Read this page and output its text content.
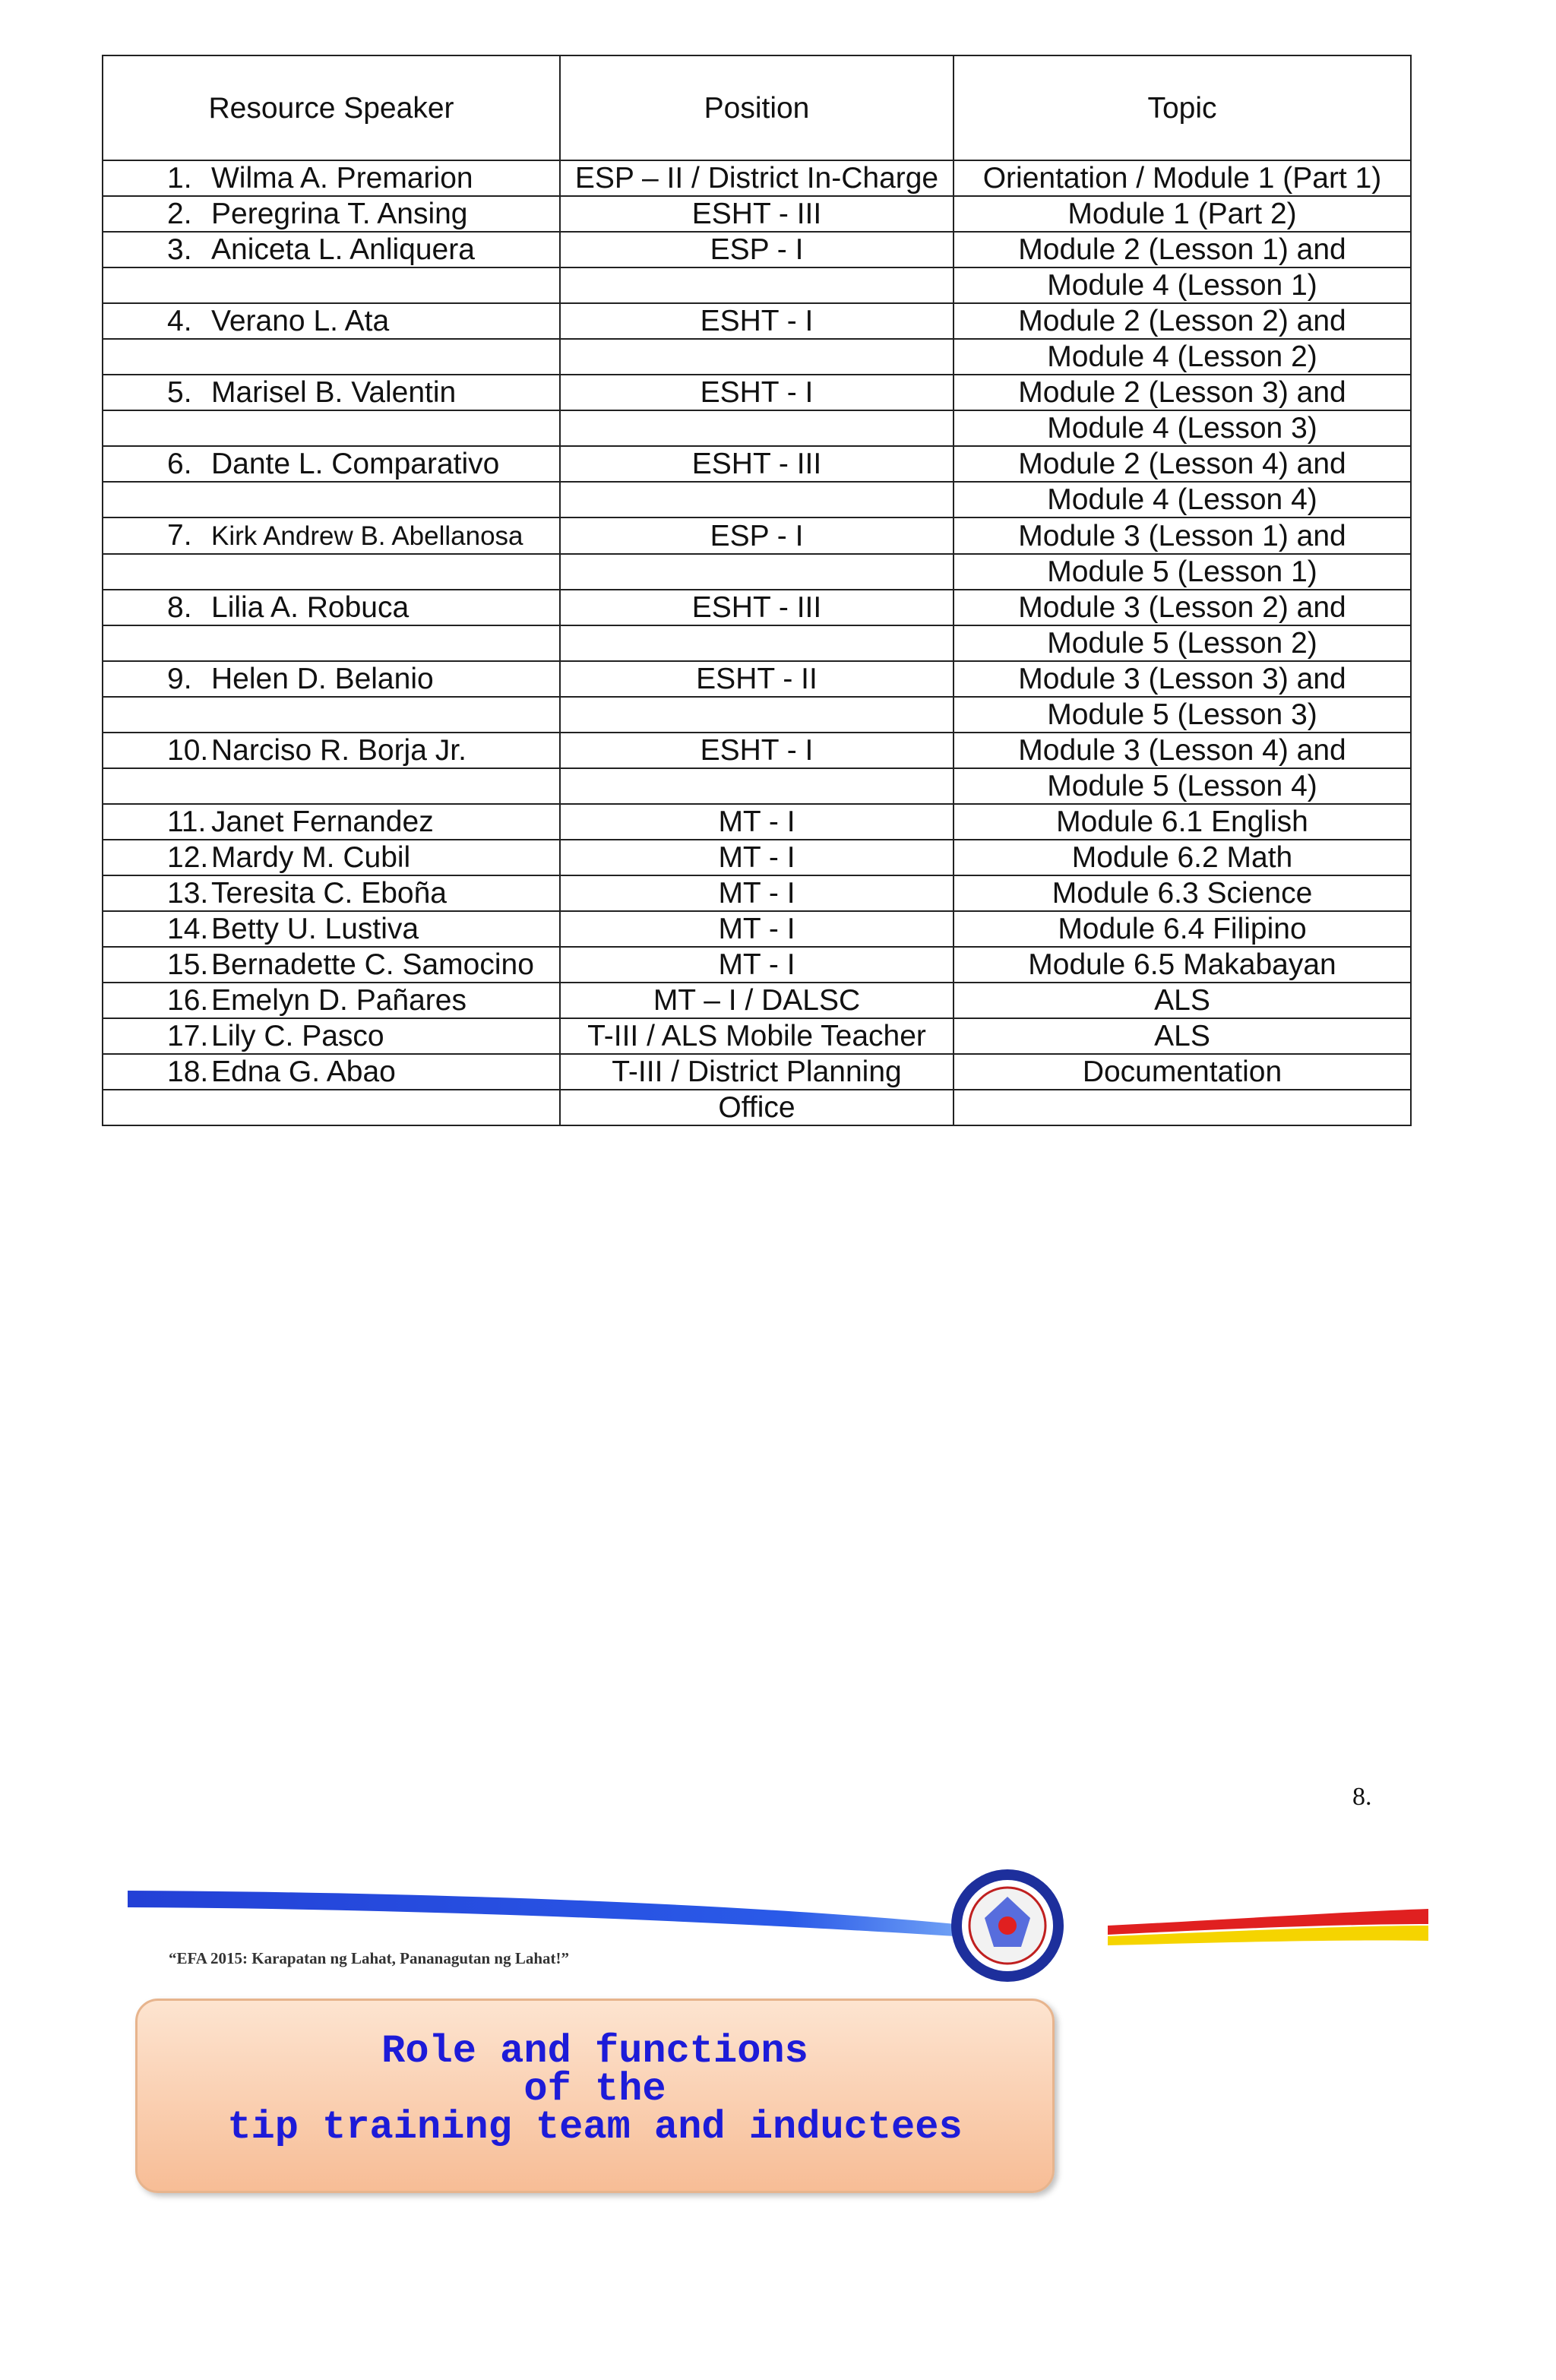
Resource Speaker	Position	Topic
1. Wilma A. Premarion	ESP – II / District In-Charge	Orientation / Module 1 (Part 1)
2. Peregrina T. Ansing	ESHT - III	Module 1 (Part 2)
3. Aniceta L. Anliquera	ESP - I	Module 2 (Lesson 1) and
		Module 4 (Lesson 1)
4. Verano L. Ata	ESHT - I	Module 2 (Lesson 2) and
		Module 4 (Lesson 2)
5. Marisel B. Valentin	ESHT - I	Module 2 (Lesson 3) and
		Module 4 (Lesson 3)
6. Dante L. Comparativo	ESHT - III	Module 2 (Lesson 4) and
		Module 4 (Lesson 4)
7. Kirk Andrew B. Abellanosa	ESP - I	Module 3 (Lesson 1) and
		Module 5 (Lesson 1)
8. Lilia A. Robuca	ESHT - III	Module 3 (Lesson 2) and
		Module 5 (Lesson 2)
9. Helen D. Belanio	ESHT - II	Module 3 (Lesson 3) and
		Module 5 (Lesson 3)
10.Narciso R. Borja Jr.	ESHT - I	Module 3 (Lesson 4) and
		Module 5 (Lesson 4)
11. Janet Fernandez	MT - I	Module 6.1 English
12.Mardy M. Cubil	MT - I	Module 6.2 Math
13.Teresita C. Eboña	MT - I	Module 6.3 Science
14.Betty U. Lustiva	MT - I	Module 6.4 Filipino
15.Bernadette C. Samocino	MT - I	Module 6.5 Makabayan
16.Emelyn D. Pañares	MT – I / DALSC	ALS
17.Lily C. Pasco	T-III / ALS Mobile Teacher	ALS
18.Edna G. Abao	T-III / District Planning	Documentation
	Office	
8.
“EFA 2015: Karapatan ng Lahat, Pananagutan ng Lahat!”
Role and functions
of the
tip training team and inductees
